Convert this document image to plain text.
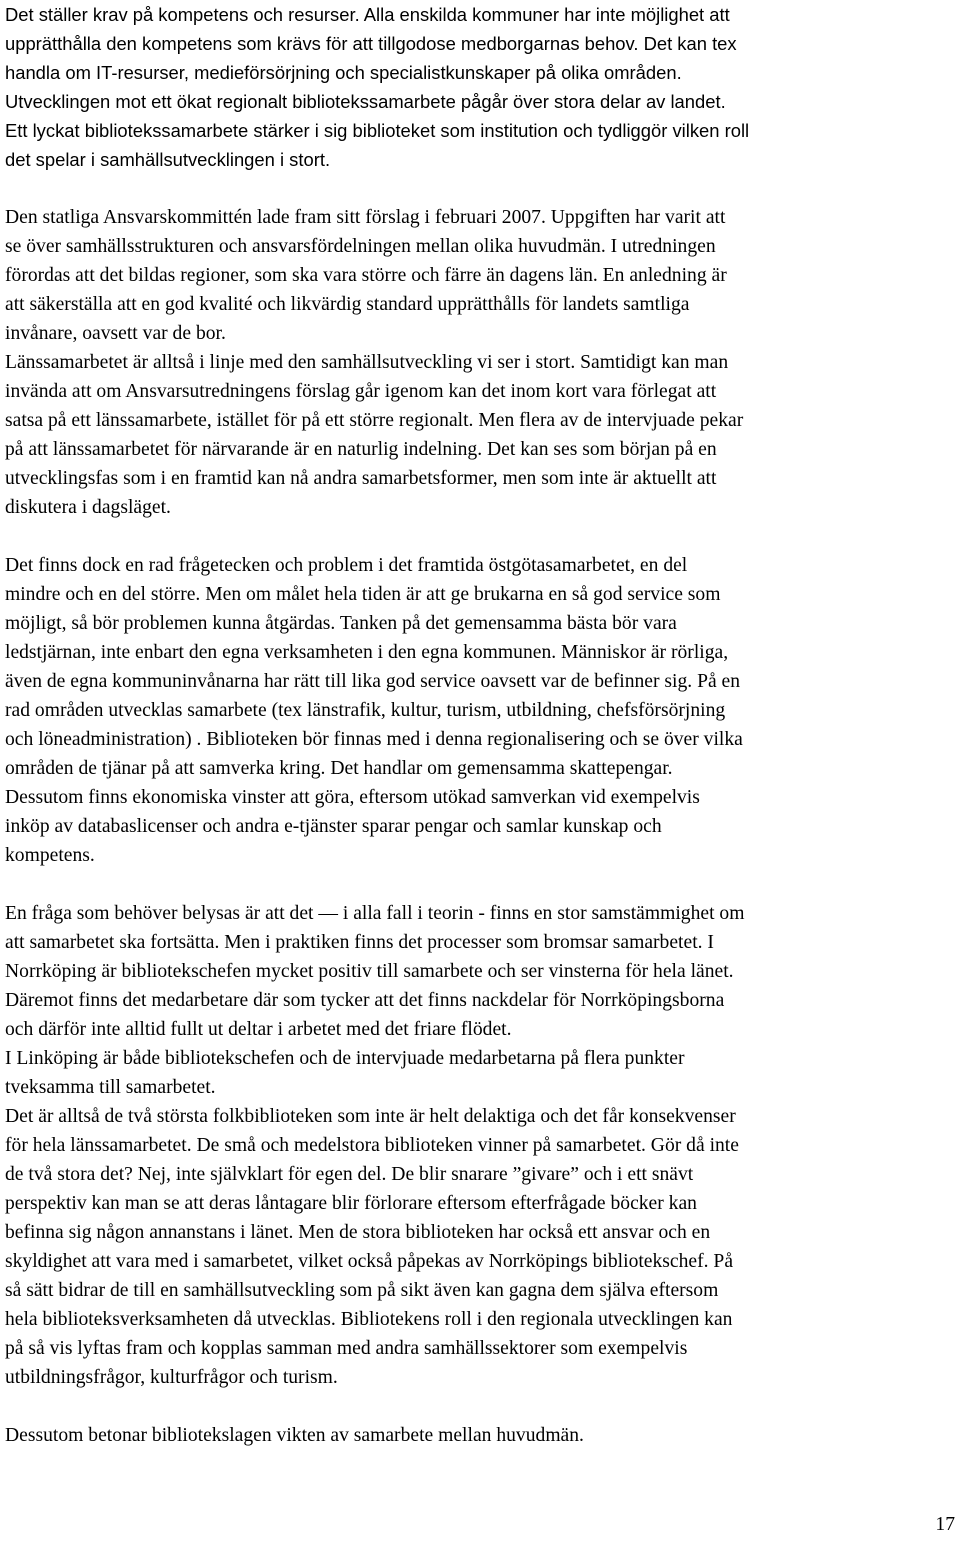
Det ställer krav på kompetens och resurser. Alla enskilda kommuner har inte möjlighet att
upprätthålla den kompetens som krävs för att tillgodose medborgarnas behov. Det kan tex
handla om IT-resurser, medieförsörjning och specialistkunskaper på olika områden.
Utvecklingen mot ett ökat regionalt bibliotekssamarbete pågår över stora delar av landet.
Ett lyckat bibliotekssamarbete stärker i sig biblioteket som institution och tydliggör vilken roll
det spelar i samhällsutvecklingen i stort.
Den statliga Ansvarskommittén lade fram sitt förslag i februari 2007. Uppgiften har varit att
se över samhällsstrukturen och ansvarsfördelningen mellan olika huvudmän. I utredningen
förordas att det bildas regioner, som ska vara större och färre än dagens län. En anledning är
att säkerställa att en god kvalité och likvärdig standard upprätthålls för landets samtliga
invånare, oavsett var de bor.
Länssamarbetet är alltså i linje med den samhällsutveckling vi ser i stort. Samtidigt kan man
invända att om Ansvarsutredningens förslag går igenom kan det inom kort vara förlegat att
satsa på ett länssamarbete, istället för på ett större regionalt. Men flera av de intervjuade pekar
på att länssamarbetet för närvarande är en naturlig indelning. Det kan ses som början på en
utvecklingsfas som i en framtid kan nå andra samarbetsformer, men som inte är aktuellt att
diskutera i dagsläget.
Det finns dock en rad frågetecken och problem i det framtida östgötasamarbetet, en del
mindre och en del större. Men om målet hela tiden är att ge brukarna en så god service som
möjligt, så bör problemen kunna åtgärdas. Tanken på det gemensamma bästa bör vara
ledstjärnan, inte enbart den egna verksamheten i den egna kommunen. Människor är rörliga,
även de egna kommuninvånarna har rätt till lika god service oavsett var de befinner sig. På en
rad områden utvecklas samarbete (tex länstrafik, kultur, turism, utbildning, chefsförsörjning
och löneadministration) . Biblioteken bör finnas med i denna regionalisering och se över vilka
områden de tjänar på att samverka kring. Det handlar om gemensamma skattepengar.
Dessutom finns ekonomiska vinster att göra, eftersom utökad samverkan vid exempelvis
inköp av databaslicenser och andra e-tjänster sparar pengar och samlar kunskap och
kompetens.
En fråga som behöver belysas är att det — i alla fall i teorin - finns en stor samstämmighet om
att samarbetet ska fortsätta. Men i praktiken finns det processer som bromsar samarbetet. I
Norrköping är bibliotekschefen mycket positiv till samarbete och ser vinsterna för hela länet.
Däremot finns det medarbetare där som tycker att det finns nackdelar för Norrköpingsborna
och därför inte alltid fullt ut deltar i arbetet med det friare flödet.
I Linköping är både bibliotekschefen och de intervjuade medarbetarna på flera punkter
tveksamma till samarbetet.
Det är alltså de två största folkbiblioteken som inte är helt delaktiga och det får konsekvenser
för hela länssamarbetet. De små och medelstora biblioteken vinner på samarbetet. Gör då inte
de två stora det? Nej, inte självklart för egen del. De blir snarare ”givare” och i ett snävt
perspektiv kan man se att deras låntagare blir förlorare eftersom efterfrågade böcker kan
befinna sig någon annanstans i länet. Men de stora biblioteken har också ett ansvar och en
skyldighet att vara med i samarbetet, vilket också påpekas av Norrköpings bibliotekschef. På
så sätt bidrar de till en samhällsutveckling som på sikt även kan gagna dem själva eftersom
hela biblioteksverksamheten då utvecklas. Bibliotekens roll i den regionala utvecklingen kan
på så vis lyftas fram och kopplas samman med andra samhällssektorer som exempelvis
utbildningsfrågor, kulturfrågor och turism.
Dessutom betonar bibliotekslagen vikten av samarbete mellan huvudmän.
17
